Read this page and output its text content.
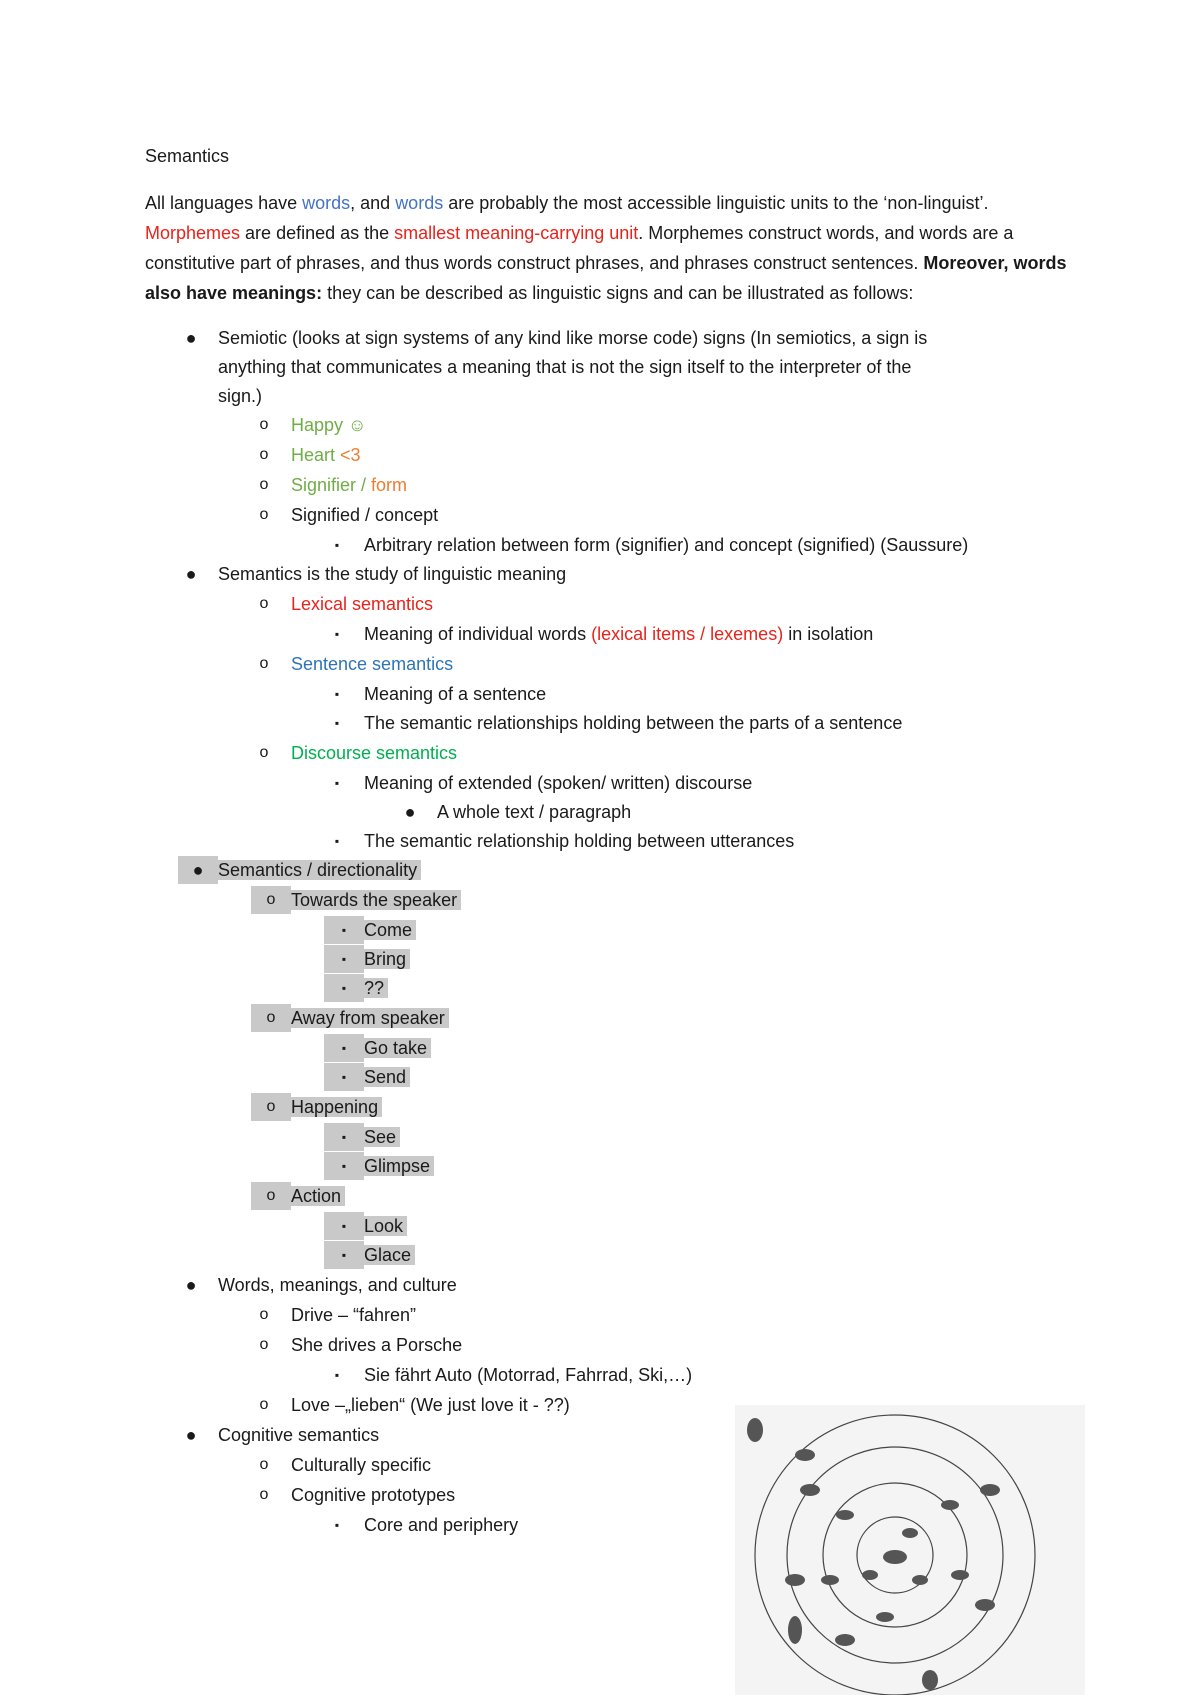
Semantics
All languages have words, and words are probably the most accessible linguistic units to the ‘non-linguist’. Morphemes are defined as the smallest meaning-carrying unit. Morphemes construct words, and words are a constitutive part of phrases, and thus words construct phrases, and phrases construct sentences. Moreover, words also have meanings: they can be described as linguistic signs and can be illustrated as follows:
● Semiotic (looks at sign systems of any kind like morse code) signs (In semiotics, a sign is
anything that communicates a meaning that is not the sign itself to the interpreter of the
sign.)
o	Happy ☺
o	Heart <3
o	Signifier / form
o	Signified / concept
▪	Arbitrary relation between form (signifier) and concept (signified) (Saussure)
● Semantics is the study of linguistic meaning
o	Lexical semantics
▪	Meaning of individual words (lexical items / lexemes) in isolation
o	Sentence semantics
▪	Meaning of a sentence
▪	The semantic relationships holding between the parts of a sentence
o	Discourse semantics
▪	Meaning of extended (spoken/ written) discourse
● A whole text / paragraph
▪	The semantic relationship holding between utterances
● Semantics / directionality
o Towards the speaker
▪ Come
▪ Bring
▪ ??
o Away from speaker
▪ Go take
▪ Send
o Happening
▪ See
▪ Glimpse
o Action
▪ Look
▪ Glace
● Words, meanings, and culture
o	Drive – “fahren”
o	She drives a Porsche
▪	Sie fährt Auto (Motorrad, Fahrrad, Ski,…)
o	Love –„lieben“ (We just love it - ??)
● Cognitive semantics
o	Culturally specific
o	Cognitive prototypes
▪	Core and periphery
